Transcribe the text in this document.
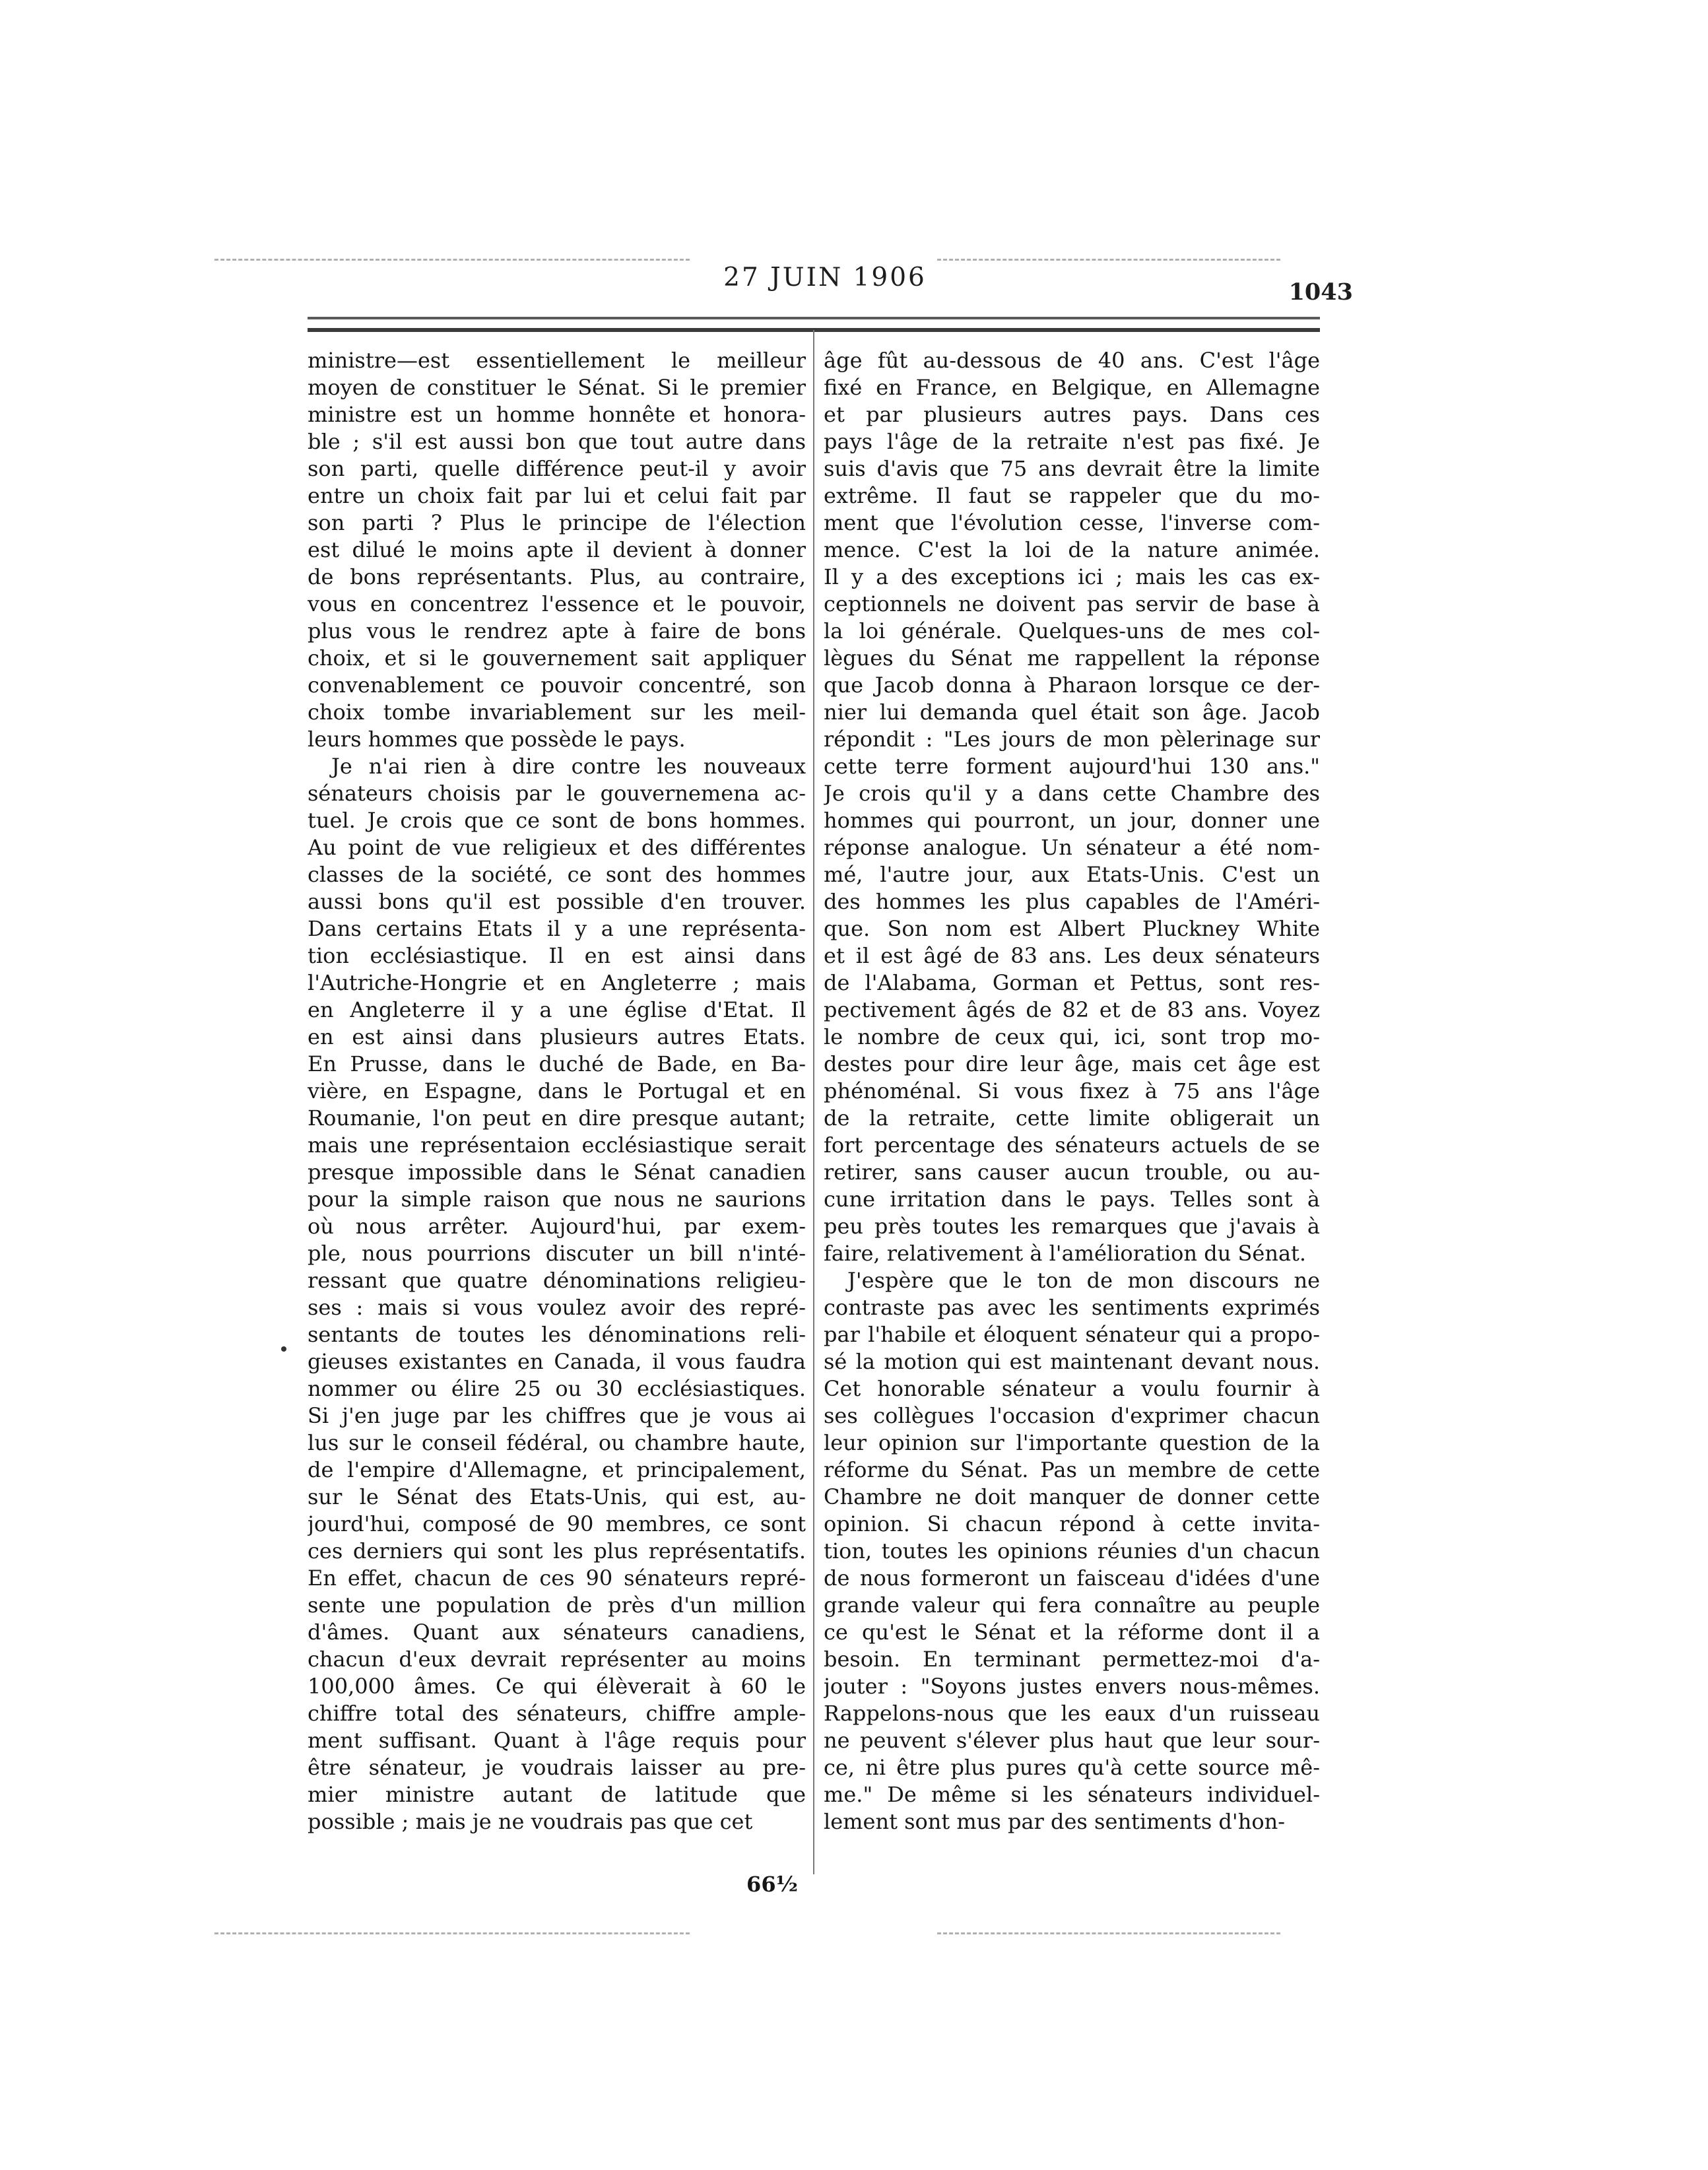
27 JUIN 1906	1043
ministre—est essentiellement le meilleur
moyen de constituer le Sénat. Si le premier
ministre est un homme honnête et honora-
ble ; s'il est aussi bon que tout autre dans
son parti, quelle différence peut-il y avoir
entre un choix fait par lui et celui fait par
son parti ? Plus le principe de l'élection
est dilué le moins apte il devient à donner
de bons représentants. Plus, au contraire,
vous en concentrez l'essence et le pouvoir,
plus vous le rendrez apte à faire de bons
choix, et si le gouvernement sait appliquer
convenablement ce pouvoir concentré, son
choix tombe invariablement sur les meil-
leurs hommes que possède le pays.
Je n'ai rien à dire contre les nouveaux
sénateurs choisis par le gouvernemena ac-
tuel. Je crois que ce sont de bons hommes.
Au point de vue religieux et des différentes
classes de la société, ce sont des hommes
aussi bons qu'il est possible d'en trouver.
Dans certains Etats il y a une représenta-
tion ecclésiastique. Il en est ainsi dans
l'Autriche-Hongrie et en Angleterre ; mais
en Angleterre il y a une église d'Etat. Il
en est ainsi dans plusieurs autres Etats.
En Prusse, dans le duché de Bade, en Ba-
vière, en Espagne, dans le Portugal et en
Roumanie, l'on peut en dire presque autant;
mais une représentaion ecclésiastique serait
presque impossible dans le Sénat canadien
pour la simple raison que nous ne saurions
où nous arrêter. Aujourd'hui, par exem-
ple, nous pourrions discuter un bill n'inté-
ressant que quatre dénominations religieu-
ses : mais si vous voulez avoir des repré-
sentants de toutes les dénominations reli-
gieuses existantes en Canada, il vous faudra
nommer ou élire 25 ou 30 ecclésiastiques.
Si j'en juge par les chiffres que je vous ai
lus sur le conseil fédéral, ou chambre haute,
de l'empire d'Allemagne, et principalement,
sur le Sénat des Etats-Unis, qui est, au-
jourd'hui, composé de 90 membres, ce sont
ces derniers qui sont les plus représentatifs.
En effet, chacun de ces 90 sénateurs repré-
sente une population de près d'un million
d'âmes. Quant aux sénateurs canadiens,
chacun d'eux devrait représenter au moins
100,000 âmes. Ce qui élèverait à 60 le
chiffre total des sénateurs, chiffre ample-
ment suffisant. Quant à l'âge requis pour
être sénateur, je voudrais laisser au pre-
mier ministre autant de latitude que
possible ; mais je ne voudrais pas que cet
âge fût au-dessous de 40 ans. C'est l'âge
fixé en France, en Belgique, en Allemagne
et par plusieurs autres pays. Dans ces
pays l'âge de la retraite n'est pas fixé. Je
suis d'avis que 75 ans devrait être la limite
extrême. Il faut se rappeler que du mo-
ment que l'évolution cesse, l'inverse com-
mence. C'est la loi de la nature animée.
Il y a des exceptions ici ; mais les cas ex-
ceptionnels ne doivent pas servir de base à
la loi générale. Quelques-uns de mes col-
lègues du Sénat me rappellent la réponse
que Jacob donna à Pharaon lorsque ce der-
nier lui demanda quel était son âge. Jacob
répondit : "Les jours de mon pèlerinage sur
cette terre forment aujourd'hui 130 ans."
Je crois qu'il y a dans cette Chambre des
hommes qui pourront, un jour, donner une
réponse analogue. Un sénateur a été nom-
mé, l'autre jour, aux Etats-Unis. C'est un
des hommes les plus capables de l'Améri-
que. Son nom est Albert Pluckney White
et il est âgé de 83 ans. Les deux sénateurs
de l'Alabama, Gorman et Pettus, sont res-
pectivement âgés de 82 et de 83 ans. Voyez
le nombre de ceux qui, ici, sont trop mo-
destes pour dire leur âge, mais cet âge est
phénoménal. Si vous fixez à 75 ans l'âge
de la retraite, cette limite obligerait un
fort percentage des sénateurs actuels de se
retirer, sans causer aucun trouble, ou au-
cune irritation dans le pays. Telles sont à
peu près toutes les remarques que j'avais à
faire, relativement à l'amélioration du Sénat.
J'espère que le ton de mon discours ne
contraste pas avec les sentiments exprimés
par l'habile et éloquent sénateur qui a propo-
sé la motion qui est maintenant devant nous.
Cet honorable sénateur a voulu fournir à
ses collègues l'occasion d'exprimer chacun
leur opinion sur l'importante question de la
réforme du Sénat. Pas un membre de cette
Chambre ne doit manquer de donner cette
opinion. Si chacun répond à cette invita-
tion, toutes les opinions réunies d'un chacun
de nous formeront un faisceau d'idées d'une
grande valeur qui fera connaître au peuple
ce qu'est le Sénat et la réforme dont il a
besoin. En terminant permettez-moi d'a-
jouter : "Soyons justes envers nous-mêmes.
Rappelons-nous que les eaux d'un ruisseau
ne peuvent s'élever plus haut que leur sour-
ce, ni être plus pures qu'à cette source mê-
me." De même si les sénateurs individuel-
lement sont mus par des sentiments d'hon-
66½
